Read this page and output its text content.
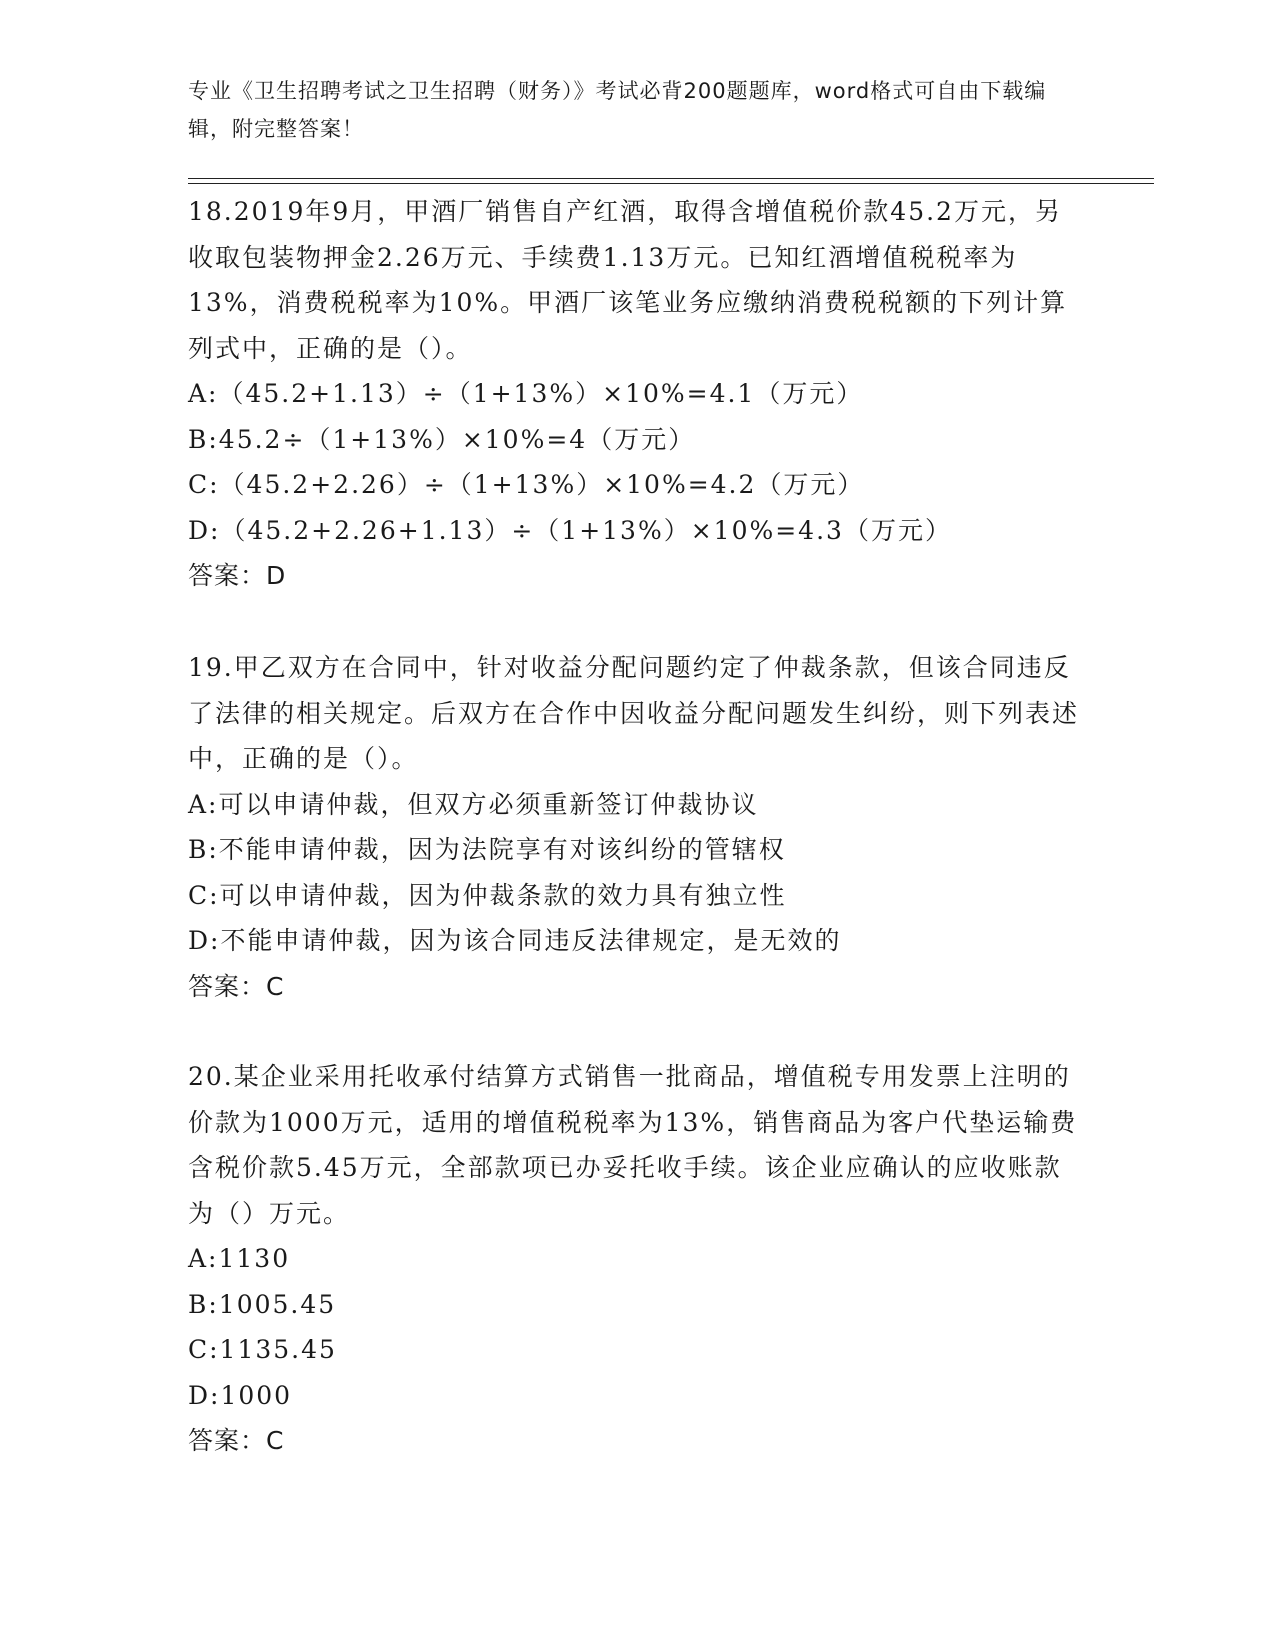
专业《卫生招聘考试之卫生招聘（财务）》考试必背200题题库，word格式可自由下载编辑，附完整答案！
18.2019年9月，甲酒厂销售自产红酒，取得含增值税价款45.2万元，另收取包装物押金2.26万元、手续费1.13万元。已知红酒增值税税率为13%，消费税税率为10%。甲酒厂该笔业务应缴纳消费税税额的下列计算列式中，正确的是（）。
A:（45.2+1.13）÷（1+13%）×10%=4.1（万元）
B:45.2÷（1+13%）×10%=4（万元）
C:（45.2+2.26）÷（1+13%）×10%=4.2（万元）
D:（45.2+2.26+1.13）÷（1+13%）×10%=4.3（万元）
答案：D
19.甲乙双方在合同中，针对收益分配问题约定了仲裁条款，但该合同违反了法律的相关规定。后双方在合作中因收益分配问题发生纠纷，则下列表述中，正确的是（）。
A:可以申请仲裁，但双方必须重新签订仲裁协议
B:不能申请仲裁，因为法院享有对该纠纷的管辖权
C:可以申请仲裁，因为仲裁条款的效力具有独立性
D:不能申请仲裁，因为该合同违反法律规定，是无效的
答案：C
20.某企业采用托收承付结算方式销售一批商品，增值税专用发票上注明的价款为1000万元，适用的增值税税率为13%，销售商品为客户代垫运输费含税价款5.45万元，全部款项已办妥托收手续。该企业应确认的应收账款为（）万元。
A:1130
B:1005.45
C:1135.45
D:1000
答案：C
